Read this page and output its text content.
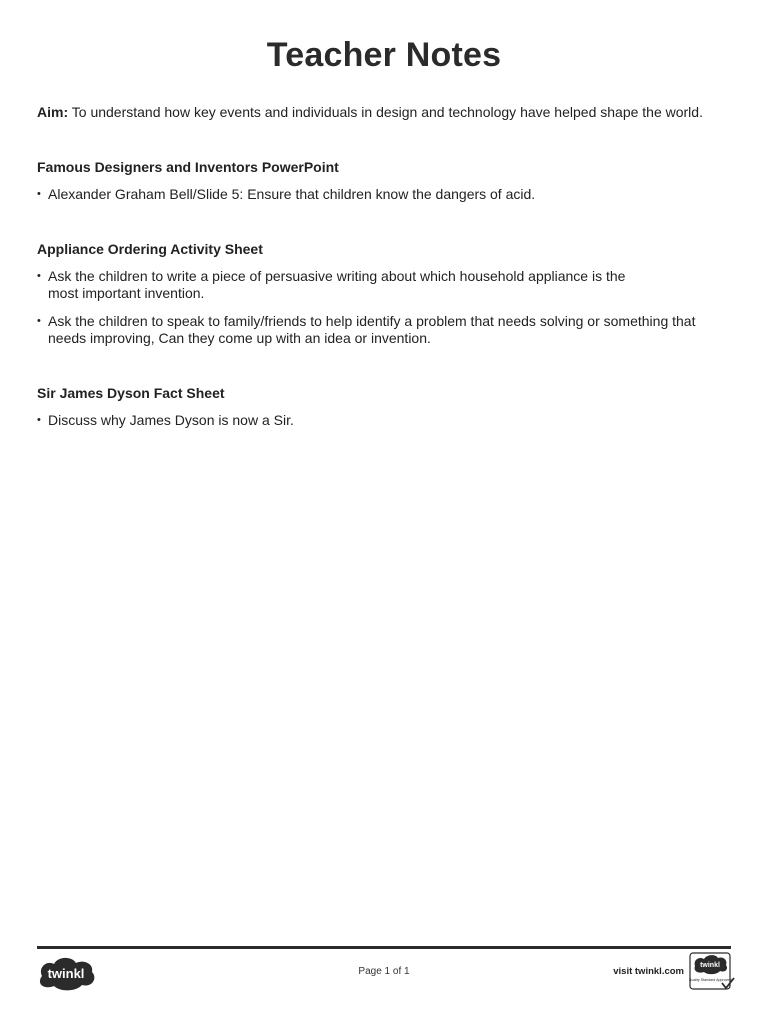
Teacher Notes
Aim: To understand how key events and individuals in design and technology have helped shape the world.
Famous Designers and Inventors PowerPoint
• Alexander Graham Bell/Slide 5: Ensure that children know the dangers of acid.
Appliance Ordering Activity Sheet
• Ask the children to write a piece of persuasive writing about which household appliance is the most important invention.
• Ask the children to speak to family/friends to help identify a problem that needs solving or something that needs improving, Can they come up with an idea or invention.
Sir James Dyson Fact Sheet
• Discuss why James Dyson is now a Sir.
twinkl	Page 1 of 1	visit twinkl.com
twinkl
Quality Standard Approved
